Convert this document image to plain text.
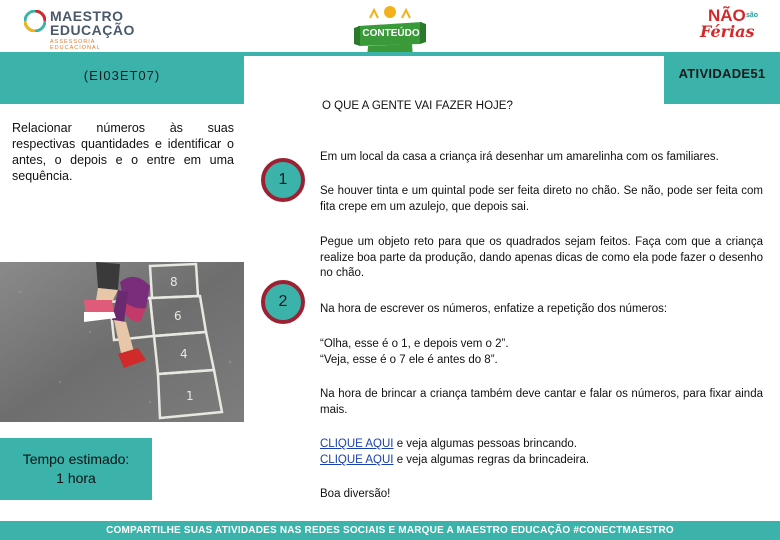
MAESTRO
EDUCAÇÃO
ASSESSORIA EDUCACIONAL
CONTEÚDO
NÃO são
Férias
(EI03ET07)	ATIVIDADE51
Relacionar números às suas respectivas quantidades e identificar o antes, o depois e o entre em uma sequência.
8
6
4
1
Tempo estimado:
1 hora
O QUE A GENTE VAI FAZER HOJE?
1
Em um local da casa a criança irá desenhar um amarelinha com os familiares.
Se houver tinta e um quintal pode ser feita direto no chão. Se não, pode ser feita com fita crepe em um azulejo, que depois sai.
2
Pegue um objeto reto para que os quadrados sejam feitos. Faça com que a criança realize boa parte da produção, dando apenas dicas de como ela pode fazer o desenho no chão.
Na hora de escrever os números, enfatize a repetição dos números:
“Olha, esse é o 1, e depois vem o 2”.
“Veja, esse é o 7 ele é antes do 8”.
Na hora de brincar a criança também deve cantar e falar os números, para fixar ainda mais.
CLIQUE AQUI e veja algumas pessoas brincando.
CLIQUE AQUI e veja algumas regras da brincadeira.
Boa diversão!
COMPARTILHE SUAS ATIVIDADES NAS REDES SOCIAIS E MARQUE A MAESTRO EDUCAÇÃO #CONECTMAESTRO
